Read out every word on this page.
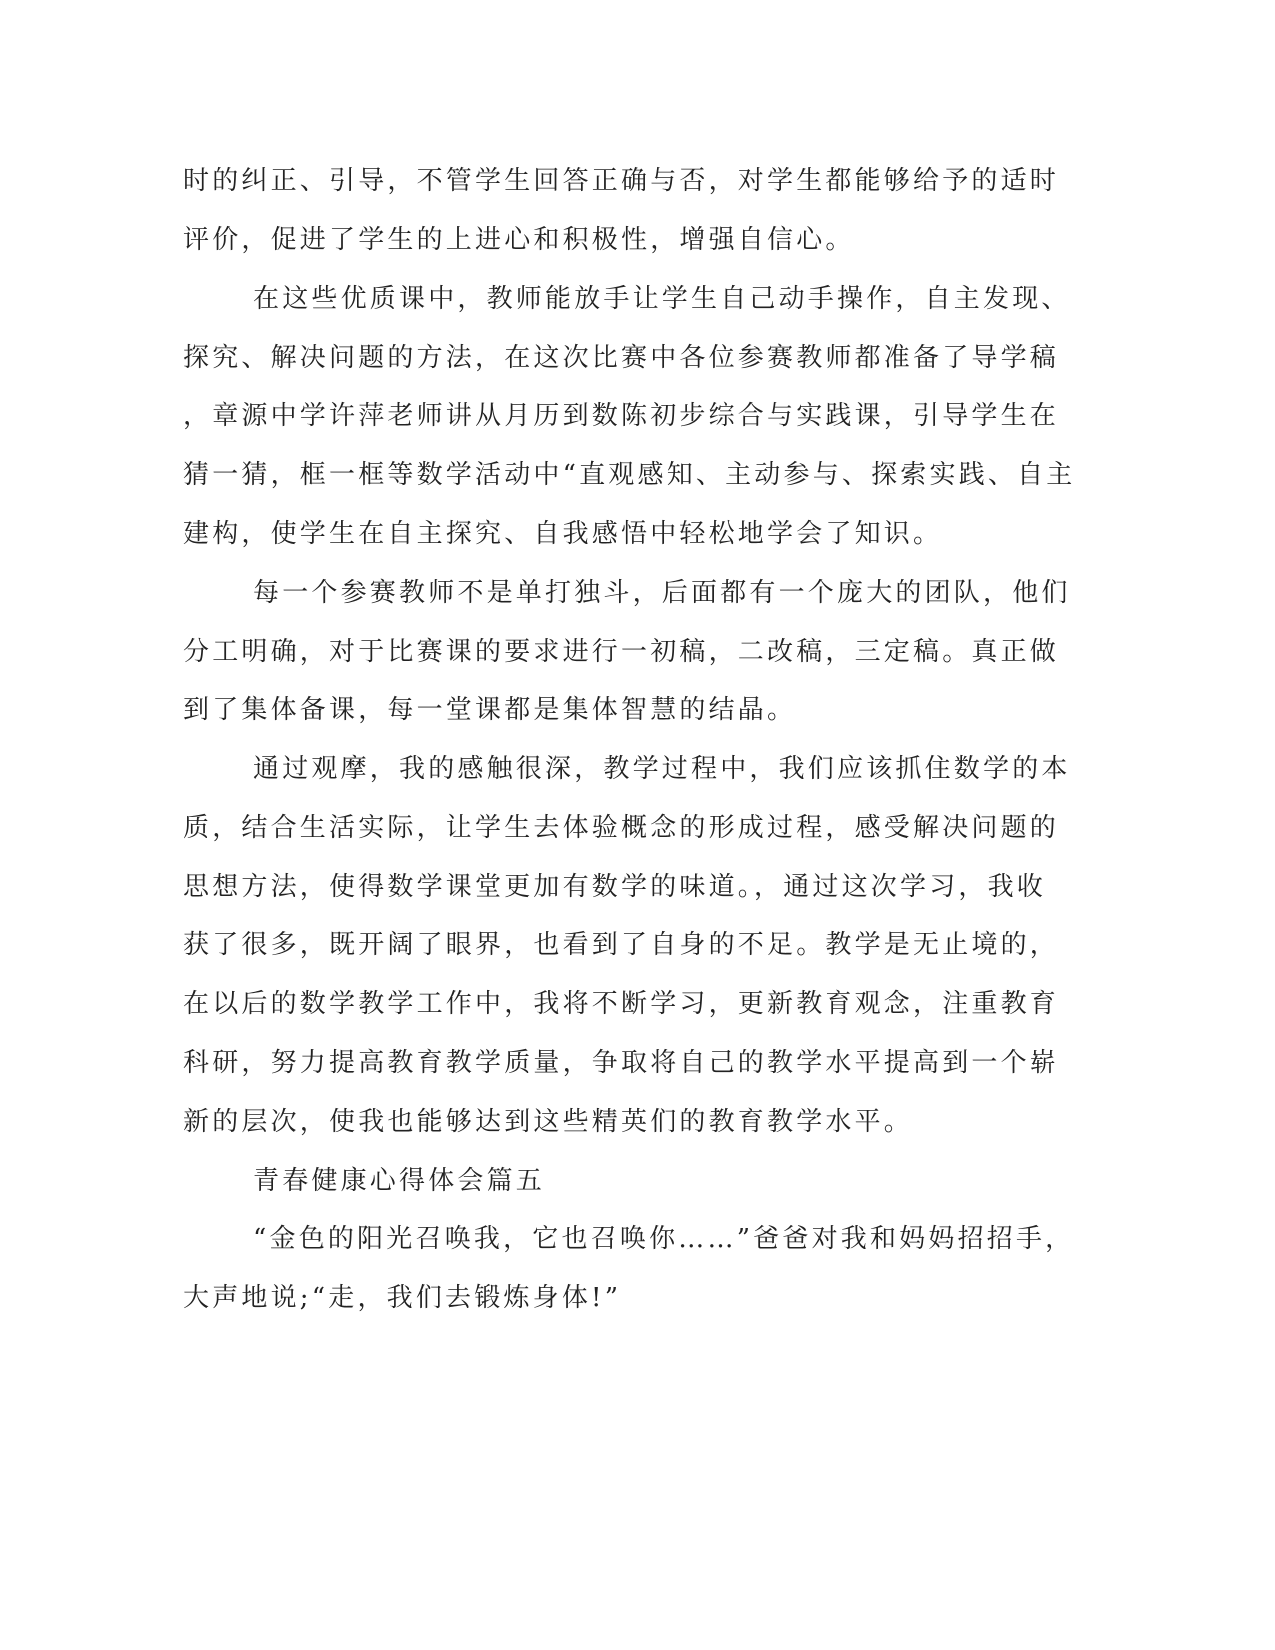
时的纠正、引导，不管学生回答正确与否，对学生都能够给予的适时
评价，促进了学生的上进心和积极性，增强自信心。
在这些优质课中，教师能放手让学生自己动手操作，自主发现、
探究、解决问题的方法，在这次比赛中各位参赛教师都准备了导学稿
，章源中学许萍老师讲从月历到数陈初步综合与实践课，引导学生在
猜一猜，框一框等数学活动中“直观感知、主动参与、探索实践、自主
建构，使学生在自主探究、自我感悟中轻松地学会了知识。
每一个参赛教师不是单打独斗，后面都有一个庞大的团队，他们
分工明确，对于比赛课的要求进行一初稿，二改稿，三定稿。真正做
到了集体备课，每一堂课都是集体智慧的结晶。
通过观摩，我的感触很深，教学过程中，我们应该抓住数学的本
质，结合生活实际，让学生去体验概念的形成过程，感受解决问题的
思想方法，使得数学课堂更加有数学的味道。，通过这次学习，我收
获了很多，既开阔了眼界，也看到了自身的不足。教学是无止境的，
在以后的数学教学工作中，我将不断学习，更新教育观念，注重教育
科研，努力提高教育教学质量，争取将自己的教学水平提高到一个崭
新的层次，使我也能够达到这些精英们的教育教学水平。
青春健康心得体会篇五
“金色的阳光召唤我，它也召唤你……”爸爸对我和妈妈招招手，
大声地说;“走，我们去锻炼身体!”
